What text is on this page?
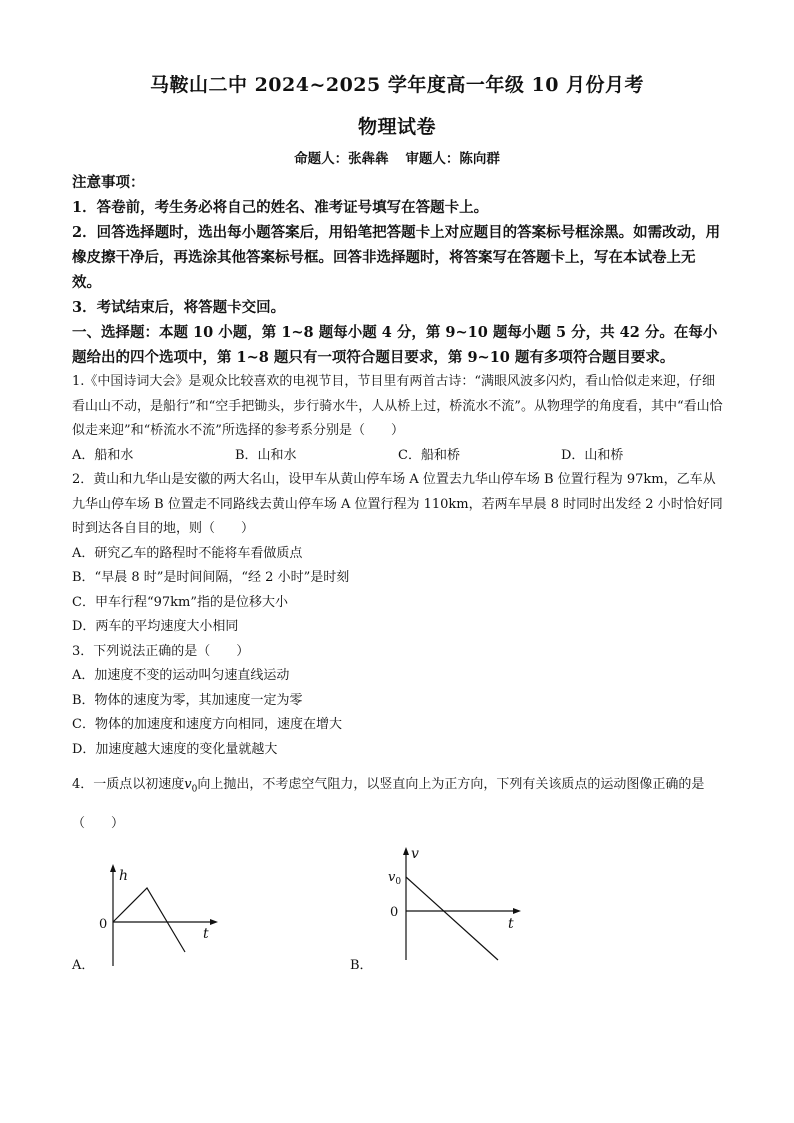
马鞍山二中 2024~2025 学年度高一年级 10 月份月考
物理试卷
命题人：张犇犇 审题人：陈向群
注意事项：
1．答卷前，考生务必将自己的姓名、准考证号填写在答题卡上。
2．回答选择题时，选出每小题答案后，用铅笔把答题卡上对应题目的答案标号框涂黑。如需改动，用橡皮擦干净后，再选涂其他答案标号框。回答非选择题时，将答案写在答题卡上，写在本试卷上无效。
3．考试结束后，将答题卡交回。
一、选择题：本题 10 小题，第 1~8 题每小题 4 分，第 9~10 题每小题 5 分，共 42 分。在每小题给出的四个选项中，第 1~8 题只有一项符合题目要求，第 9~10 题有多项符合题目要求。
1.《中国诗词大会》是观众比较喜欢的电视节目，节目里有两首古诗：“满眼风波多闪灼，看山恰似走来迎，仔细看山山不动，是船行”和“空手把锄头，步行骑水牛，人从桥上过，桥流水不流”。从物理学的角度看，其中“看山恰似走来迎”和“桥流水不流”所选择的参考系分别是（　　）
A．船和水	B．山和水	C．船和桥	D．山和桥
2．黄山和九华山是安徽的两大名山，设甲车从黄山停车场 A 位置去九华山停车场 B 位置行程为 97km，乙车从九华山停车场 B 位置走不同路线去黄山停车场 A 位置行程为 110km，若两车早晨 8 时同时出发经 2 小时恰好同时到达各自目的地，则（　　）
A．研究乙车的路程时不能将车看做质点
B．“早晨 8 时”是时间间隔，“经 2 小时”是时刻
C．甲车行程“97km”指的是位移大小
D．两车的平均速度大小相同
3．下列说法正确的是（　　）
A．加速度不变的运动叫匀速直线运动
B．物体的速度为零，其加速度一定为零
C．物体的加速度和速度方向相同，速度在增大
D．加速度越大速度的变化量就越大
4．一质点以初速度$v_0$向上抛出，不考虑空气阻力，以竖直向上为正方向，下列有关该质点的运动图像正确的是（　　）
A．
h
0
t
B．
v
$v_0$
0
t
